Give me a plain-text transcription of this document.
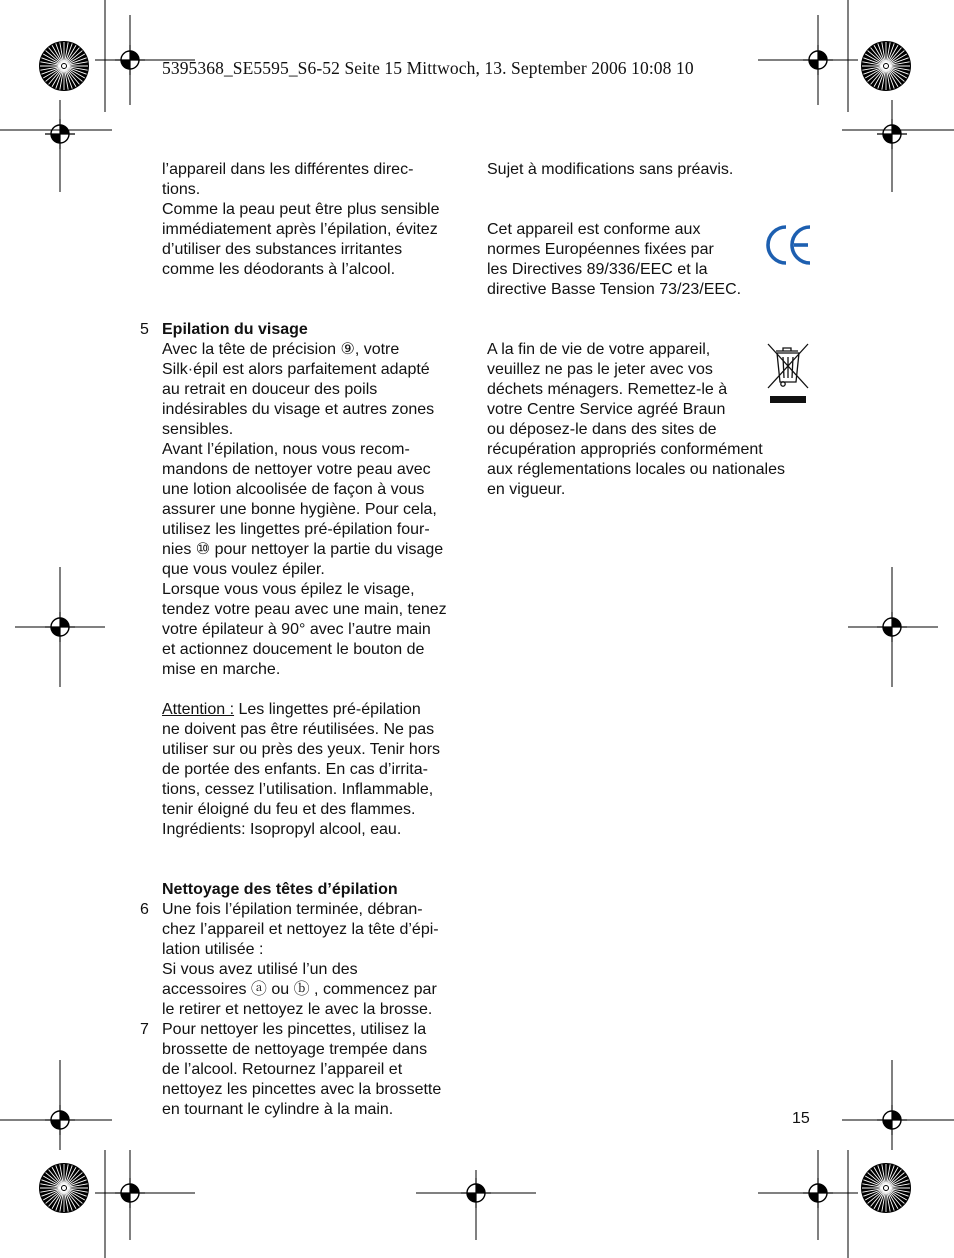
5395368_SE5595_S6-52 Seite 15 Mittwoch, 13. September 2006 10:08 10
l’appareil dans les différentes direc-
tions.
Comme la peau peut être plus sensible
immédiatement après l’épilation, évitez
d’utiliser des substances irritantes
comme les déodorants à l’alcool.
5 Epilation du visage
Avec la tête de précision ⑨, votre
Silk·épil est alors parfaitement adapté
au retrait en douceur des poils
indésirables du visage et autres zones
sensibles.
Avant l’épilation, nous vous recom-
mandons de nettoyer votre peau avec
une lotion alcoolisée de façon à vous
assurer une bonne hygiène. Pour cela,
utilisez les lingettes pré-épilation four-
nies ⑩ pour nettoyer la partie du visage
que vous voulez épiler.
Lorsque vous vous épilez le visage,
tendez votre peau avec une main, tenez
votre épilateur à 90° avec l’autre main
et actionnez doucement le bouton de
mise en marche.
Attention : Les lingettes pré-épilation
ne doivent pas être réutilisées. Ne pas
utiliser sur ou près des yeux. Tenir hors
de portée des enfants. En cas d’irrita-
tions, cessez l’utilisation. Inflammable,
tenir éloigné du feu et des flammes.
Ingrédients: Isopropyl alcool, eau.
Nettoyage des têtes d’épilation
6 Une fois l’épilation terminée, débran-
chez l’appareil et nettoyez la tête d’épi-
lation utilisée :
Si vous avez utilisé l’un des
accessoires ⓐ ou ⓑ , commencez par
le retirer et nettoyez le avec la brosse.
7 Pour nettoyer les pincettes, utilisez la
brossette de nettoyage trempée dans
de l’alcool. Retournez l’appareil et
nettoyez les pincettes avec la brossette
en tournant le cylindre à la main.
Sujet à modifications sans préavis.
Cet appareil est conforme aux
normes Européennes fixées par
les Directives 89/336/EEC et la
directive Basse Tension 73/23/EEC.
A la fin de vie de votre appareil,
veuillez ne pas le jeter avec vos
déchets ménagers. Remettez-le à
votre Centre Service agréé Braun
ou déposez-le dans des sites de
récupération appropriés conformément
aux réglementations locales ou nationales
en vigueur.
15
